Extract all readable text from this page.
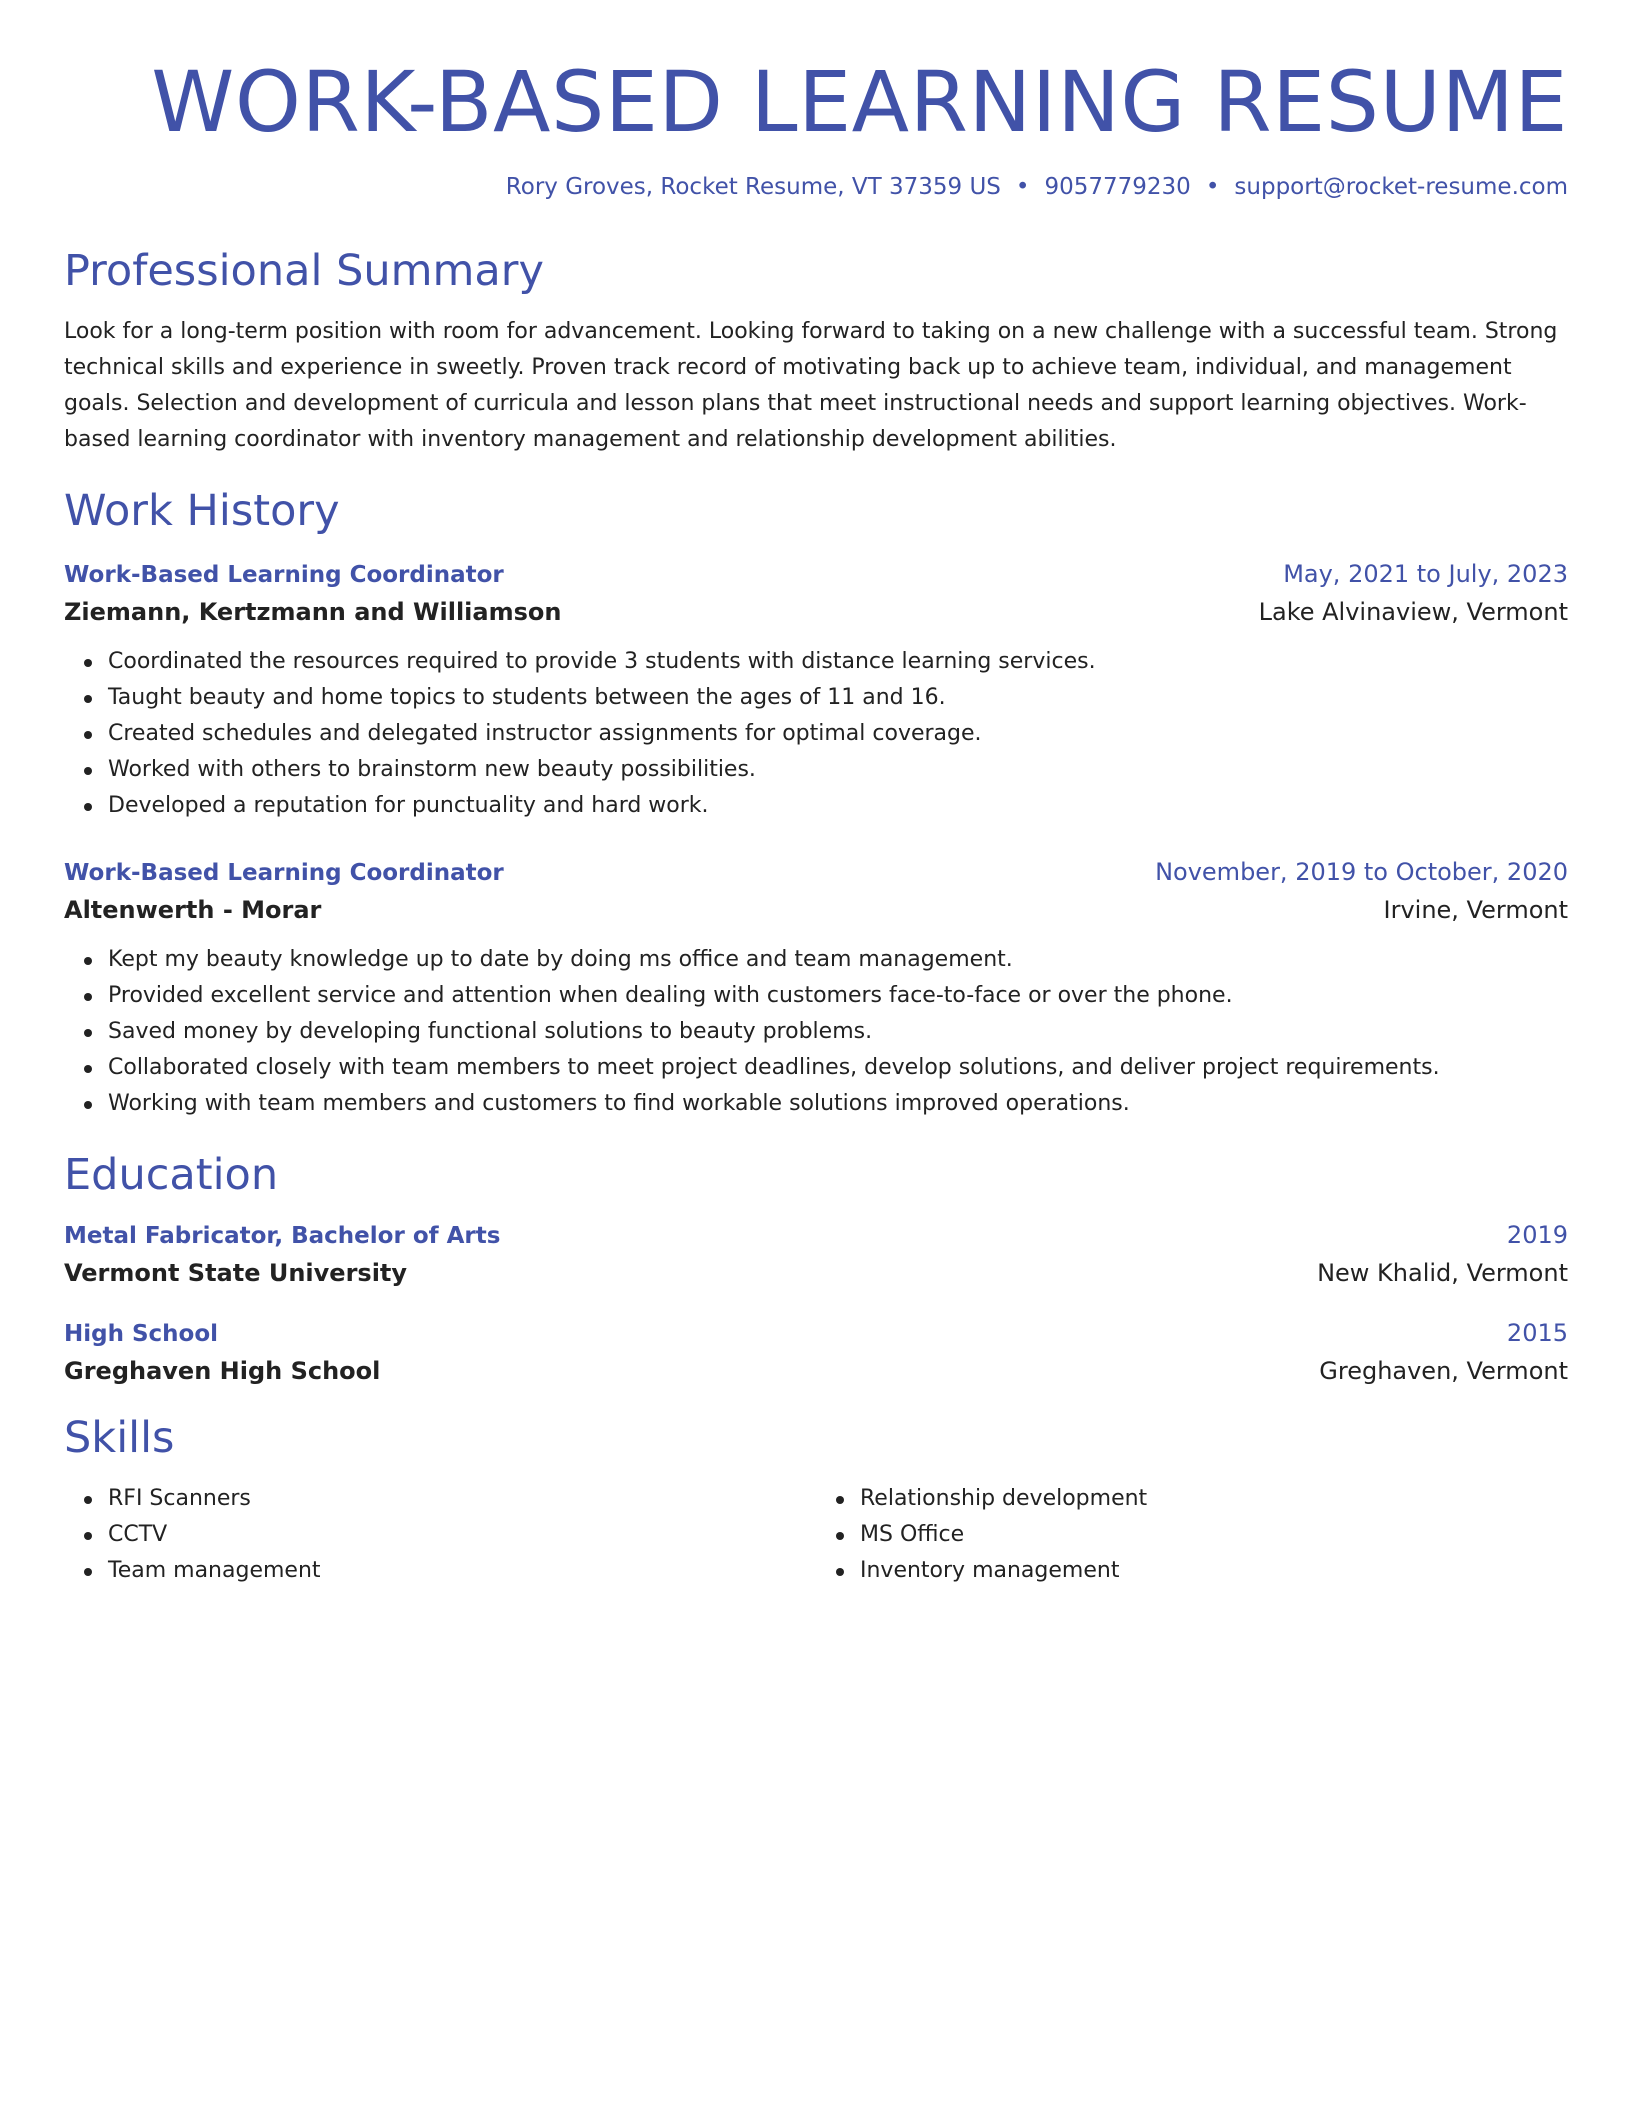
WORK-BASED LEARNING RESUME
Rory Groves, Rocket Resume, VT 37359 US • 9057779230 • support@rocket-resume.com
Professional Summary
Look for a long-term position with room for advancement. Looking forward to taking on a new challenge with a successful team. Strong technical skills and experience in sweetly. Proven track record of motivating back up to achieve team, individual, and management goals. Selection and development of curricula and lesson plans that meet instructional needs and support learning objectives. Work-based learning coordinator with inventory management and relationship development abilities.
Work History
Work-Based Learning Coordinator	May, 2021 to July, 2023
Ziemann, Kertzmann and Williamson	Lake Alvinaview, Vermont
Coordinated the resources required to provide 3 students with distance learning services.
Taught beauty and home topics to students between the ages of 11 and 16.
Created schedules and delegated instructor assignments for optimal coverage.
Worked with others to brainstorm new beauty possibilities.
Developed a reputation for punctuality and hard work.
Work-Based Learning Coordinator	November, 2019 to October, 2020
Altenwerth - Morar	Irvine, Vermont
Kept my beauty knowledge up to date by doing ms office and team management.
Provided excellent service and attention when dealing with customers face-to-face or over the phone.
Saved money by developing functional solutions to beauty problems.
Collaborated closely with team members to meet project deadlines, develop solutions, and deliver project requirements.
Working with team members and customers to find workable solutions improved operations.
Education
Metal Fabricator, Bachelor of Arts	2019
Vermont State University	New Khalid, Vermont
High School	2015
Greghaven High School	Greghaven, Vermont
Skills
RFI Scanners
CCTV
Team management
Relationship development
MS Office
Inventory management
